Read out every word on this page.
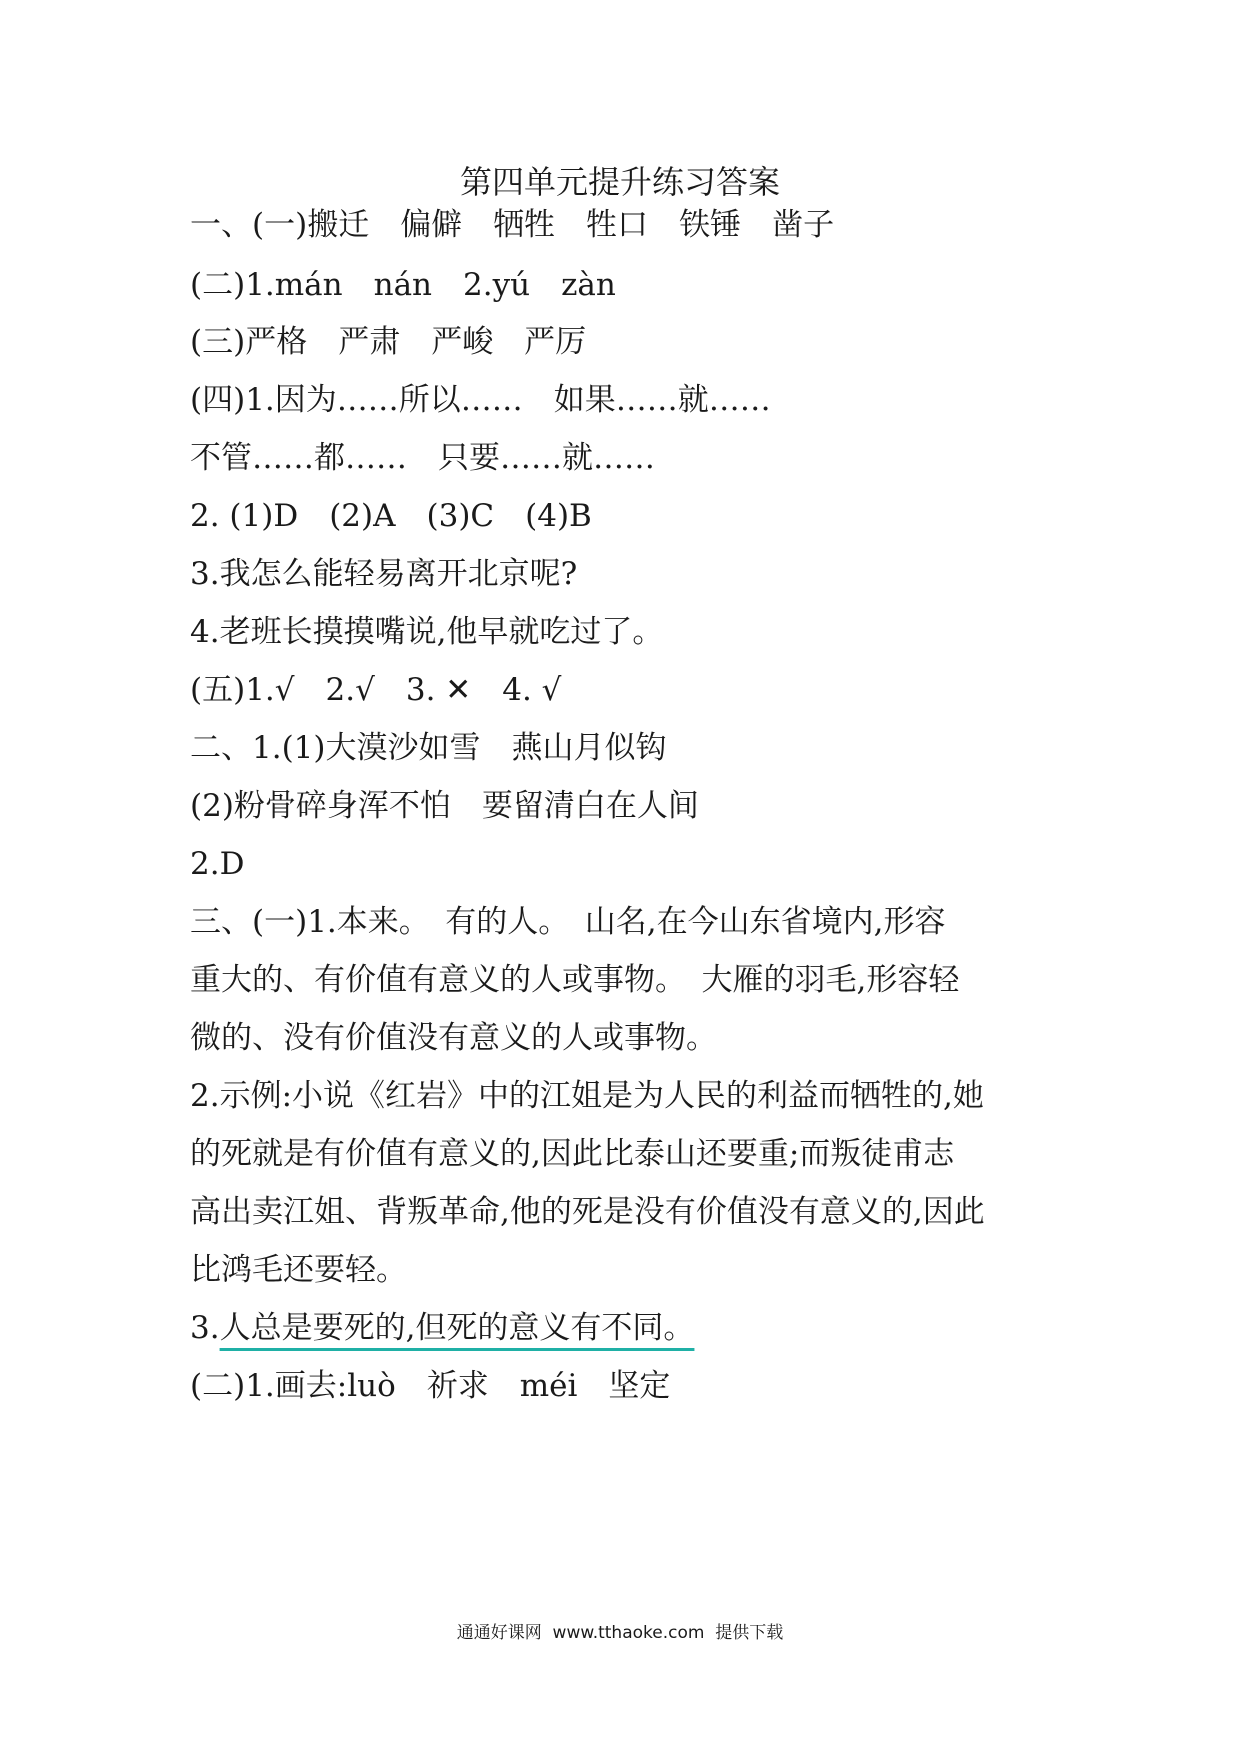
第四单元提升练习答案
一、(一)搬迁　偏僻　牺牲　牲口　铁锤　凿子
(二)1.mán　nán　2.yú　zàn
(三)严格　严肃　严峻　严厉
(四)1.因为……所以……　如果……就……
不管……都……　只要……就……
2. (1)D　(2)A　(3)C　(4)B
3.我怎么能轻易离开北京呢?
4.老班长摸摸嘴说,他早就吃过了。
(五)1.√　2.√　3. ✕　4. √
二、1.(1)大漠沙如雪　燕山月似钩
(2)粉骨碎身浑不怕　要留清白在人间
2.D
三、(一)1.本来。　有的人。　山名,在今山东省境内,形容
重大的、有价值有意义的人或事物。　大雁的羽毛,形容轻
微的、没有价值没有意义的人或事物。
2.示例:小说《红岩》中的江姐是为人民的利益而牺牲的,她
的死就是有价值有意义的,因此比泰山还要重;而叛徒甫志
高出卖江姐、背叛革命,他的死是没有价值没有意义的,因此
比鸿毛还要轻。
3.人总是要死的,但死的意义有不同。
(二)1.画去:luò　祈求　méi　坚定
通通好课网  www.tthaoke.com  提供下载
